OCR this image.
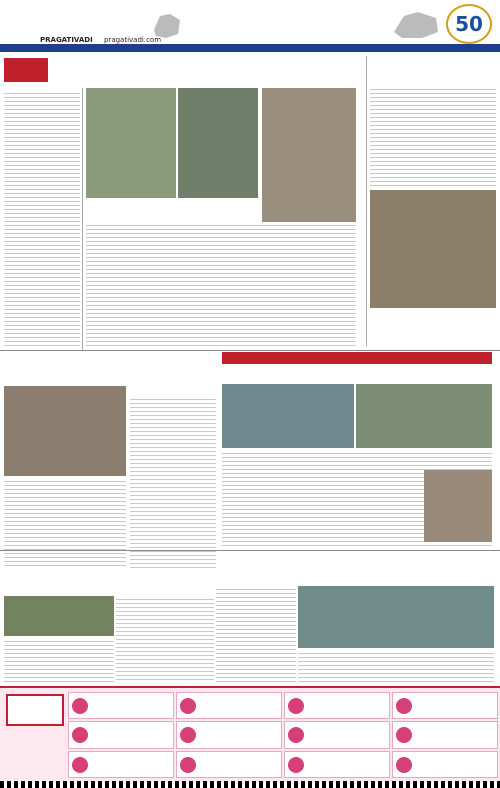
PRAGATIVADI pragativadi.com
50
